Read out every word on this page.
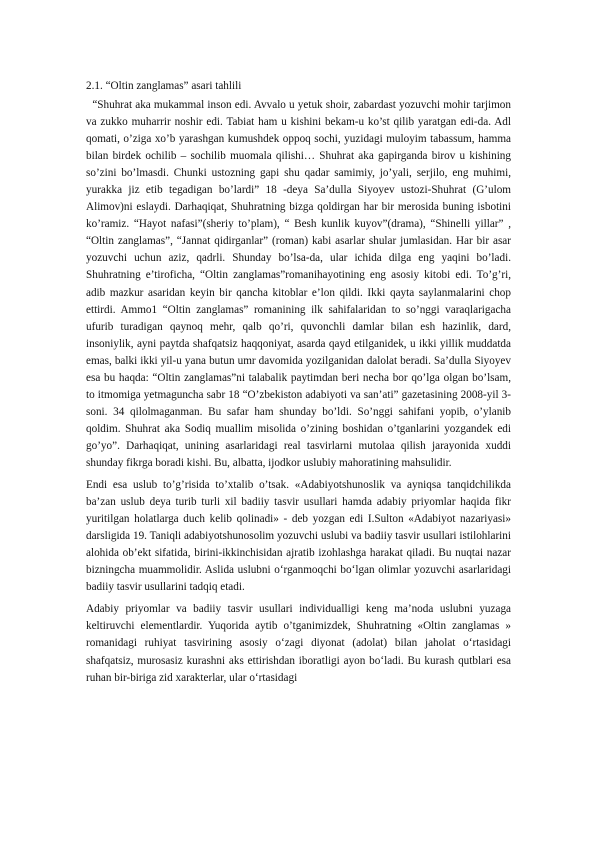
2.1. “Oltin zanglamas” asari tahlili

“Shuhrat aka mukammal inson edi. Avvalo u yetuk shoir, zabardast yozuvchi mohir tarjimon va zukko muharrir noshir edi. Tabiat ham u kishini bekam-u ko’st qilib yaratgan edi-da. Adl qomati, o’ziga xo’b yarashgan kumushdek oppoq sochi, yuzidagi muloyim tabassum, hamma bilan birdek ochilib – sochilib muomala qilishi… Shuhrat aka gapirganda birov u kishining so’zini bo’lmasdi. Chunki ustozning gapi shu qadar samimiy, jo’yali, serjilo, eng muhimi, yurakka jiz etib tegadigan bo’lardi” 18 -deya Sa’dulla Siyoyev ustozi-Shuhrat (G’ulom Alimov)ni eslaydi. Darhaqiqat, Shuhratning bizga qoldirgan har bir merosida buning isbotini ko’ramiz. “Hayot nafasi”(sheriy to’plam), “ Besh kunlik kuyov”(drama), “Shinelli yillar” , “Oltin zanglamas”, “Jannat qidirganlar” (roman) kabi asarlar shular jumlasidan. Har bir asar yozuvchi uchun aziz, qadrli. Shunday bo’lsa-da, ular ichida dilga eng yaqini bo’ladi. Shuhratning e’tiroficha, “Oltin zanglamas”romanihayotining eng asosiy kitobi edi. To’g’ri, adib mazkur asaridan keyin bir qancha kitoblar e’lon qildi. Ikki qayta saylanmalarini chop ettirdi. Ammo1 “Oltin zanglamas” romanining ilk sahifalaridan to so’nggi varaqlarigacha ufurib turadigan qaynoq mehr, qalb qo’ri, quvonchli damlar bilan esh hazinlik, dard, insoniylik, ayni paytda shafqatsiz haqqoniyat, asarda qayd etilganidek, u ikki yillik muddatda emas, balki ikki yil-u yana butun umr davomida yozilganidan dalolat beradi. Sa’dulla Siyoyev esa bu haqda: “Oltin zanglamas”ni talabalik paytimdan beri necha bor qo’lga olgan bo’lsam, to itmomiga yetmaguncha sabr 18 “O’zbekiston adabiyoti va san’ati” gazetasining 2008-yil 3-soni. 34 qilolmaganman. Bu safar ham shunday bo’ldi. So’nggi sahifani yopib, o’ylanib qoldim. Shuhrat aka Sodiq muallim misolida o’zining boshidan o’tganlarini yozgandek edi go’yo”. Darhaqiqat, unining asarlaridagi real tasvirlarni mutolaa qilish jarayonida xuddi shunday fikrga boradi kishi. Bu, albatta, ijodkor uslubiy mahoratining mahsulidir.

Endi esa uslub to’g’risida to’xtalib o’tsak. «Adabiyotshunoslik va ayniqsa tanqidchilikda ba’zan uslub deya turib turli xil badiiy tasvir usullari hamda adabiy priyomlar haqida fikr yuritilgan holatlarga duch kelib qolinadi» - deb yozgan edi I.Sulton «Adabiyot nazariyasi» darsligida 19. Taniqli adabiyotshunosolim yozuvchi uslubi va badiiy tasvir usullari istilohlarini alohida ob’ekt sifatida, birini-ikkinchisidan ajratib izohlashga harakat qiladi. Bu nuqtai nazar bizningcha muammolidir. Aslida uslubni o‘rganmoqchi bo‘lgan olimlar yozuvchi asarlaridagi badiiy tasvir usullarini tadqiq etadi.

Adabiy priyomlar va badiiy tasvir usullari individualligi keng ma’noda uslubni yuzaga keltiruvchi elementlardir. Yuqorida aytib o’tganimizdek, Shuhratning «Oltin zanglamas » romanidagi ruhiyat tasvirining asosiy o‘zagi diyonat (adolat) bilan jaholat o‘rtasidagi shafqatsiz, murosasiz kurashni aks ettirishdan iboratligi ayon bo‘ladi. Bu kurash qutblari esa ruhan bir-biriga zid xarakterlar, ular o‘rtasidagi
